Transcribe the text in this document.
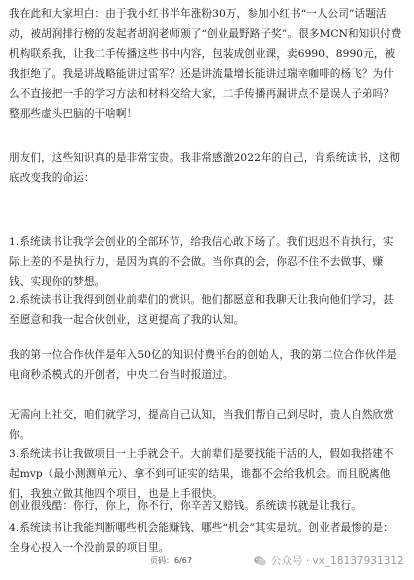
我在此和大家坦白：由于我小红书半年涨粉30万，参加小红书“一人公司”话题活动，被胡润排行榜的发起者胡润老师颁了“创业最野路子奖”。很多MCN和知识付费机构联系我，让我二手传播这些书中内容，包装成创业课，卖6990、8990元，被我拒绝了。我是讲战略能讲过雷军？还是讲流量增长能讲过瑞幸咖啡的杨飞？为什么不直接把一手的学习方法和材料交给大家，二手传播再漏讲点不是误人子弟吗？整那些虚头巴脑的干啥啊！

朋友们，这些知识真的是非常宝贵。我非常感激2022年的自己，肯系统读书，这彻底改变我的命运：

1.系统读书让我学会创业的全部环节，给我信心敢下场了。我们迟迟不肯执行，实际上差的不是执行力，是因为真的不会做。当你真的会，你忍不住不去做事、赚钱、实现你的梦想。

2.系统读书让我得到创业前辈们的赏识。他们都愿意和我聊天让我向他们学习，甚至愿意和我一起合伙创业，这更提高了我的认知。

我的第一位合作伙伴是年入50亿的知识付费平台的创始人，我的第二位合作伙伴是电商秒杀模式的开创者，中央二台当时报道过。

无需向上社交，咱们就学习，提高自己认知，当我们帮自己到尽时，贵人自然欣赏你。

3.系统读书让我做项目一上手就会干。大前辈们是要找能干活的人，假如我搭建不起mvp（最小测测单元）、拿不到可证实的结果，谁都不会给我机会。而且脱离他们，我独立做其他四个项目，也是上手很快。

创业很残酷：你行，你上，你不行，你辛苦又赔钱。系统读书就是让我行。

4.系统读书让我能判断哪些机会能赚钱、哪些“机会”其实是坑。创业者最惨的是：全身心投入一个没前景的项目里。

页码：6/67	公众号 · vx_18137931312
